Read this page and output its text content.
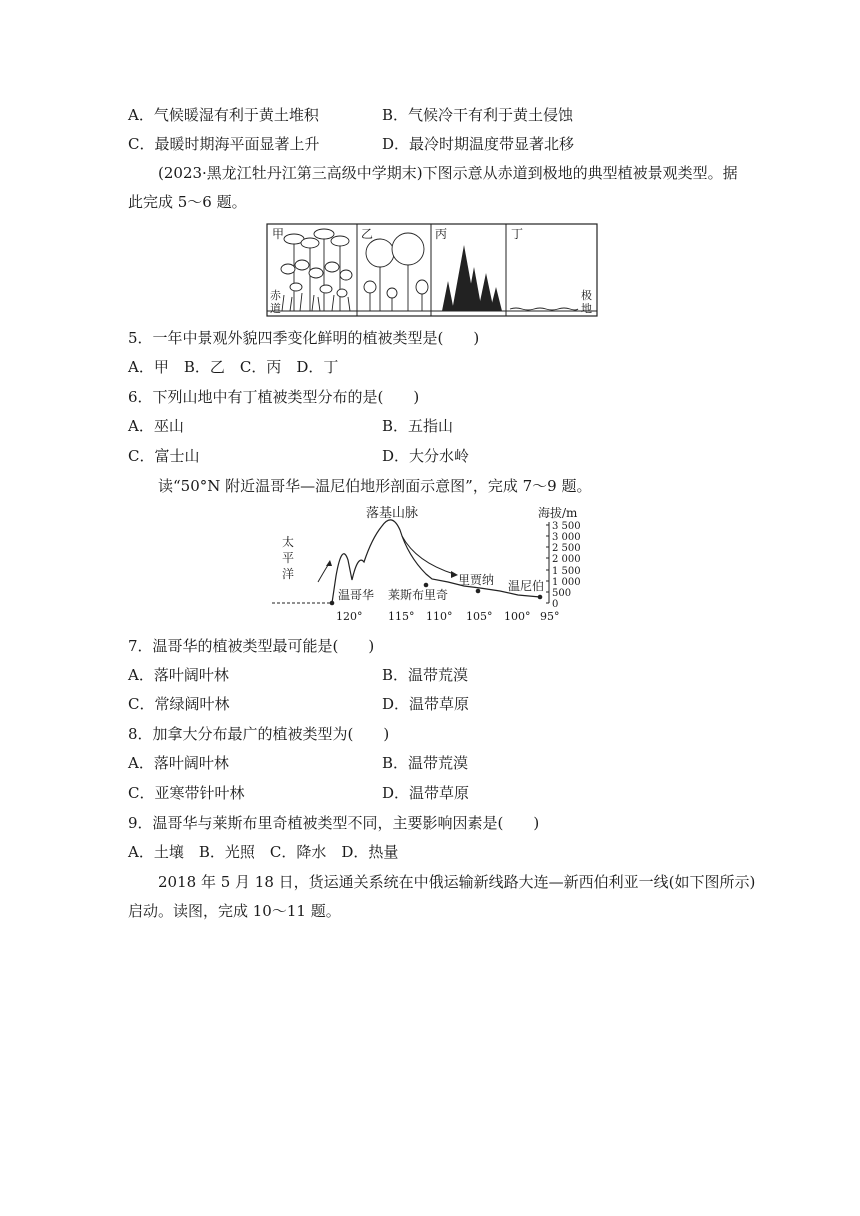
A．气候暖湿有利于黄土堆积	B．气候冷干有利于黄土侵蚀
C．最暖时期海平面显著上升	D．最冷时期温度带显著北移
(2023·黑龙江牡丹江第三高级中学期末)下图示意从赤道到极地的典型植被景观类型。据
此完成 5～6 题。
甲	乙	丙	丁
赤
道
极
地
5．一年中景观外貌四季变化鲜明的植被类型是(　　)
A．甲　B．乙　C．丙　D．丁
6．下列山地中有丁植被类型分布的是(　　)
A．巫山	B．五指山
C．富士山	D．大分水岭
读“50°N 附近温哥华—温尼伯地形剖面示意图”，完成 7～9 题。
落基山脉	海拔/m
太
平
洋
温哥华 莱斯布里奇
里贾纳 温尼伯
120° 115° 110° 105° 100° 95°
3 500
3 000
2 500
2 000
1 500
1 000
500
0
7．温哥华的植被类型最可能是(　　)
A．落叶阔叶林	B．温带荒漠
C．常绿阔叶林	D．温带草原
8．加拿大分布最广的植被类型为(　　)
A．落叶阔叶林	B．温带荒漠
C．亚寒带针叶林	D．温带草原
9．温哥华与莱斯布里奇植被类型不同，主要影响因素是(　　)
A．土壤　B．光照　C．降水　D．热量
2018 年 5 月 18 日，货运通关系统在中俄运输新线路大连—新西伯利亚一线(如下图所示)
启动。读图，完成 10～11 题。
